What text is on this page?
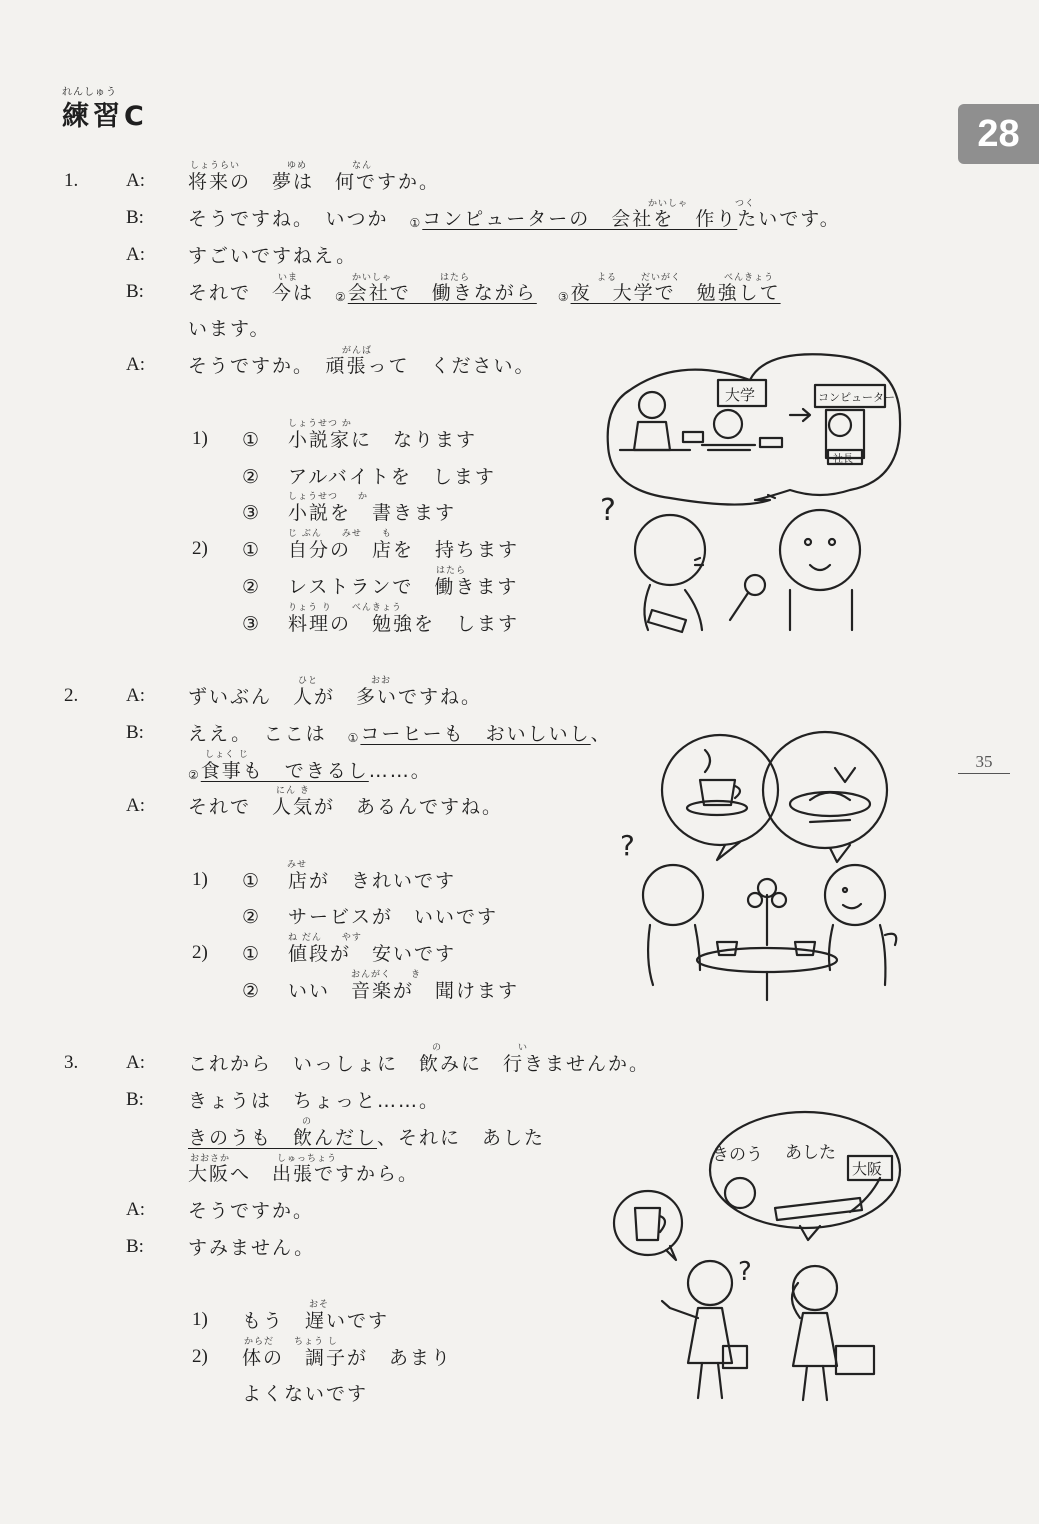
れんしゅう
練習C	28
35
1.	A:
しょうらい	ゆめ	なん
将来の　夢は　何ですか。
B:
かいしゃ	つく
そうですね。　いつか　①コンピューターの　会社を　作りたいです。
A: すごいですねえ。
B:
いま	かいしゃ	はたら	よる	だいがく	べんきょう
それで　今は　②会社で　働きながら　 ③夜　大学で　勉強して
います。
A:
がんば
そうですか。　頑張って　ください。
1) ①
しょうせつ か
小説家に　なります
② アルバイトを　します
③
しょうせつ　　か
小説を　書きます
2) ①
じ ぶん　　みせ　　も
自分の　店を　持ちます
②
はたら
レストランで　働きます
③
りょう り　　べんきょう
料理の　勉強を　します
大学	コンピューター
社長
?
2.	A:
ひと	おお
ずいぶん　人が　多いですね。
B: ええ。　ここは　①コーヒーも　おいしいし、
しょく じ
②食事も　できるし……。
A:
にん き
それで　人気が　あるんですね。
1) ①
みせ
店が　きれいです
② サービスが　いいです
2) ①
ね だん　　やす
値段が　安いです
②
おんがく　　き
いい　音楽が　聞けます
?
3.	A:
の	い
これから　いっしょに　飲みに　行きませんか。
B: きょうは　ちょっと……。
の
きのうも　飲んだし、それに　あした
おおさか	しゅっちょう
大阪へ　出張ですから。
A: そうですか。
B: すみません。
1)
おそ
もう　遅いです
2)
からだ　　ちょう し
体の　調子が　あまり
よくないです
きのう あした
大阪
?
